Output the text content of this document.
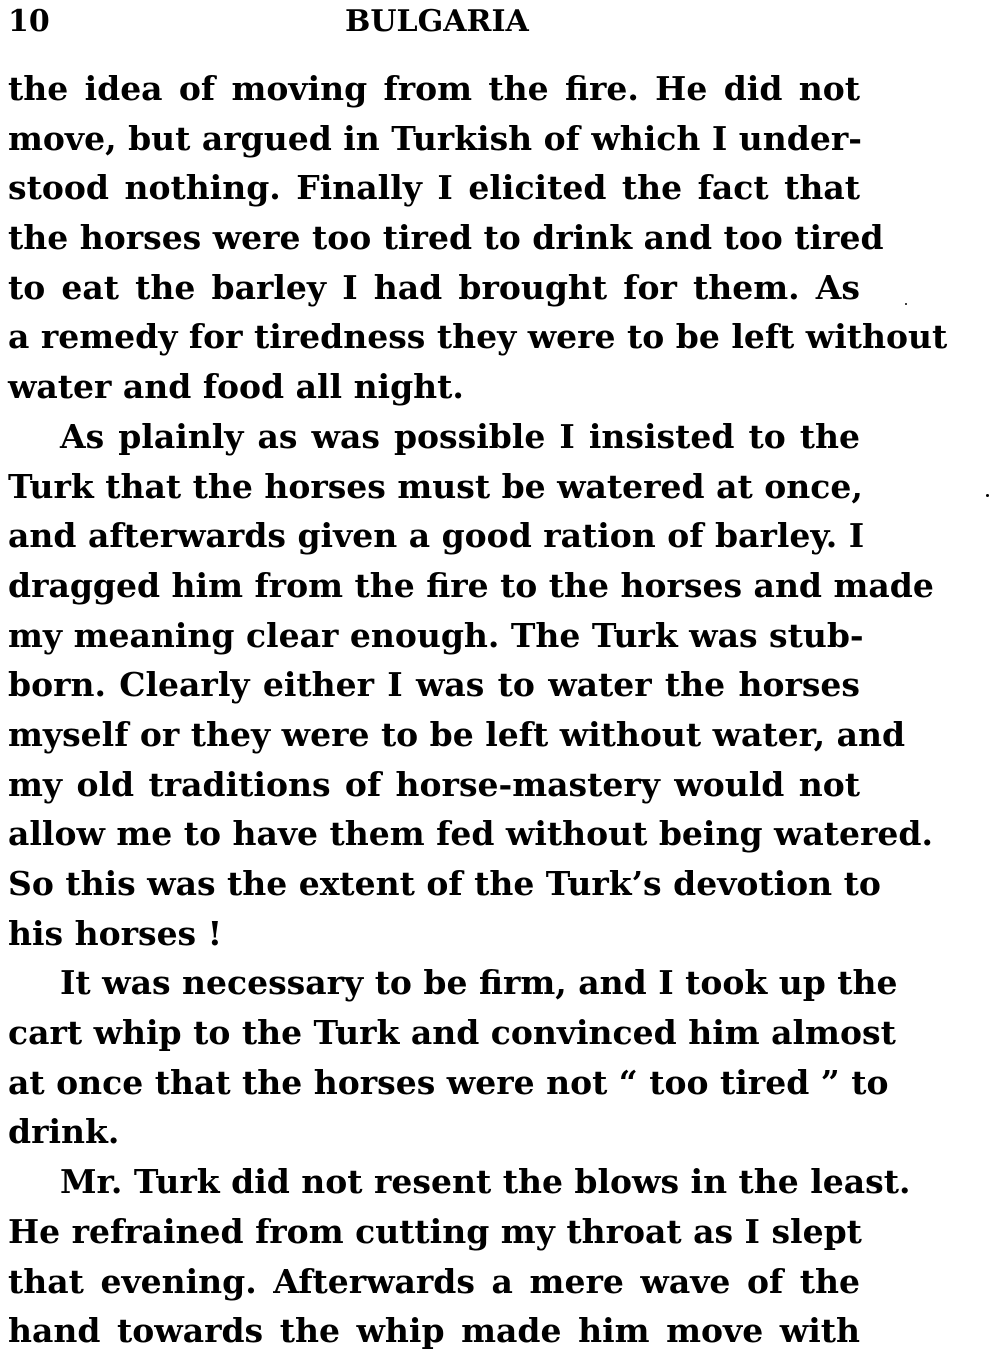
10	BULGARIA
the idea of moving from the fire. He did not
move, but argued in Turkish of which I under-
stood nothing. Finally I elicited the fact that
the horses were too tired to drink and too tired
to eat the barley I had brought for them. As
a remedy for tiredness they were to be left without
water and food all night.
As plainly as was possible I insisted to the
Turk that the horses must be watered at once,
and afterwards given a good ration of barley. I
dragged him from the fire to the horses and made
my meaning clear enough. The Turk was stub-
born. Clearly either I was to water the horses
myself or they were to be left without water, and
my old traditions of horse-mastery would not
allow me to have them fed without being watered.
So this was the extent of the Turk’s devotion to
his horses !
It was necessary to be firm, and I took up the
cart whip to the Turk and convinced him almost
at once that the horses were not “ too tired ” to
drink.
Mr. Turk did not resent the blows in the least.
He refrained from cutting my throat as I slept
that evening. Afterwards a mere wave of the
hand towards the whip made him move with
